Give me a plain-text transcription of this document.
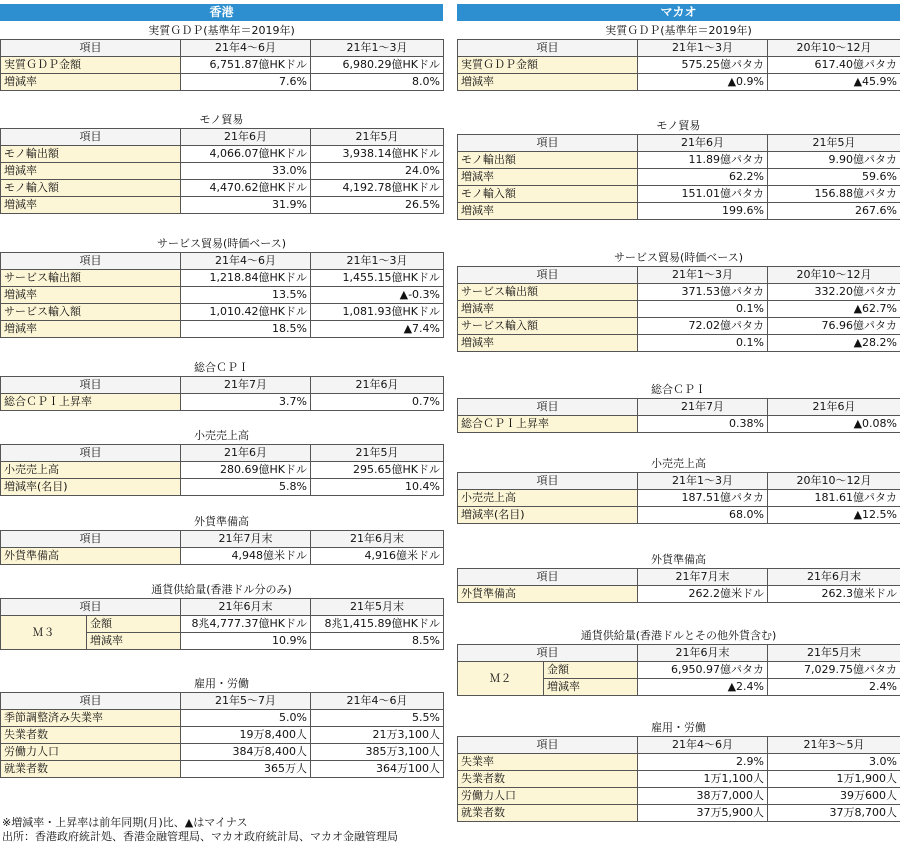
香港
実質ＧＤＰ(基準年＝2019年)
項目	21年4～6月	21年1～3月
実質ＧＤＰ金額	6,751.87億HKドル	6,980.29億HKドル
増減率	7.6%	8.0%
モノ貿易
項目	21年6月	21年5月
モノ輸出額	4,066.07億HKドル	3,938.14億HKドル
増減率	33.0%	24.0%
モノ輸入額	4,470.62億HKドル	4,192.78億HKドル
増減率	31.9%	26.5%
サービス貿易(時価ベース)
項目	21年4～6月	21年1～3月
サービス輸出額	1,218.84億HKドル	1,455.15億HKドル
増減率	13.5%	▲-0.3%
サービス輸入額	1,010.42億HKドル	1,081.93億HKドル
増減率	18.5%	▲7.4%
総合ＣＰＩ
項目	21年7月	21年6月
総合ＣＰＩ上昇率	3.7%	0.7%
小売売上高
項目	21年6月	21年5月
小売売上高	280.69億HKドル	295.65億HKドル
増減率(名目)	5.8%	10.4%
外貨準備高
項目	21年7月末	21年6月末
外貨準備高	4,948億米ドル	4,916億米ドル
通貨供給量(香港ドル分のみ)
項目		21年6月末	21年5月末
Ｍ３	金額	8兆4,777.37億HKドル	8兆1,415.89億HKドル
	増減率	10.9%	8.5%
雇用・労働
項目	21年5～7月	21年4～6月
季節調整済み失業率	5.0%	5.5%
失業者数	19万8,400人	21万3,100人
労働力人口	384万8,400人	385万3,100人
就業者数	365万人	364万100人
マカオ
実質ＧＤＰ(基準年＝2019年)
項目	21年1～3月	20年10～12月
実質ＧＤＰ金額	575.25億パタカ	617.40億パタカ
増減率	▲0.9%	▲45.9%
モノ貿易
項目	21年6月	21年5月
モノ輸出額	11.89億パタカ	9.90億パタカ
増減率	62.2%	59.6%
モノ輸入額	151.01億パタカ	156.88億パタカ
増減率	199.6%	267.6%
サービス貿易(時価ベース)
項目	21年1～3月	20年10～12月
サービス輸出額	371.53億パタカ	332.20億パタカ
増減率	0.1%	▲62.7%
サービス輸入額	72.02億パタカ	76.96億パタカ
増減率	0.1%	▲28.2%
総合ＣＰＩ
項目	21年7月	21年6月
総合ＣＰＩ上昇率	0.38%	▲0.08%
小売売上高
項目	21年1～3月	20年10～12月
小売売上高	187.51億パタカ	181.61億パタカ
増減率(名目)	68.0%	▲12.5%
外貨準備高
項目	21年7月末	21年6月末
外貨準備高	262.2億米ドル	262.3億米ドル
通貨供給量(香港ドルとその他外貨含む)
項目		21年6月末	21年5月末
Ｍ２	金額	6,950.97億パタカ	7,029.75億パタカ
	増減率	▲2.4%	2.4%
雇用・労働
項目	21年4～6月	21年3～5月
失業率	2.9%	3.0%
失業者数	1万1,100人	1万1,900人
労働力人口	38万7,000人	39万600人
就業者数	37万5,900人	37万8,700人
※増減率・上昇率は前年同期(月)比、▲はマイナス
出所：香港政府統計処、香港金融管理局、マカオ政府統計局、マカオ金融管理局
